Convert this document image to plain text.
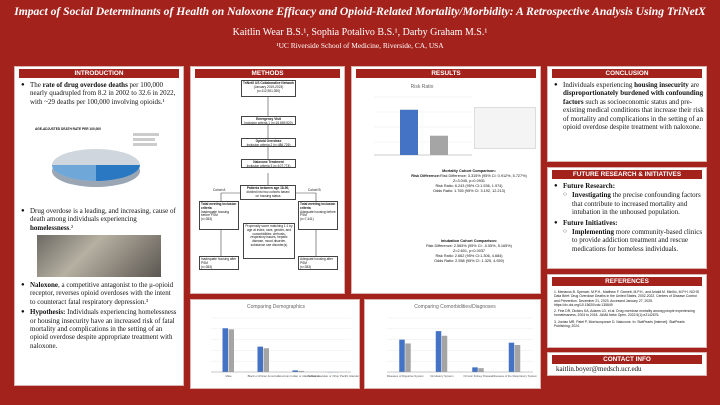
Impact of Social Determinants of Health on Naloxone Efficacy and Opioid-Related Mortality/Morbidity: A Retrospective Analysis Using TriNetX
Kaitlin Wear B.S.¹, Sophia Potalivo B.S.¹, Darby Graham M.S.¹
¹UC Riverside School of Medicine, Riverside, CA, USA
INTRODUCTION
● The rate of drug overdose deaths per 100,000 nearly quadrupled from 8.2 in 2002 to 32.6 in 2022, with ~29 deaths per 100,000 involving opioids.¹
AGE-ADJUSTED DEATH RATE PER 100,000
● Drug overdose is a leading, and increasing, cause of death among individuals experiencing homelessness.²
● Naloxone, a competitive antagonist to the μ-opioid receptor, reverses opioid overdoses with the intent to counteract fatal respiratory depression.³
● Hypothesis: Individuals experiencing homelessness or housing insecurity have an increased risk of fatal mortality and complications in the setting of an opioid overdose despite appropriate treatment with naloxone.
METHODS
TriNetX US Collaborative Network
(January 2019-2023)
(n=112,951,390)
Emergency Visit
Inclusion criteria 1 (n=16,869,520)
Opioid Overdose
Inclusion criteria 2 (n=486,726)
Naloxone Treatment
Inclusion criteria 3 (n=107,774)
Cohort A	Cohort B
Patients between age 18-90,
divided into two cohorts based
on housing status
Total meeting inclusion criteria
Inadequate housing before PSM
(n=353)
Total meeting inclusion criteria
Adequate housing before PSM
(n=7,441)
Propensity score matching 1:1 by age at index, race, gender, and comorbidities: cirrhosis, respiratory issues, hepatic disease, mood disorder, substance use disorder(s)
Inadequate housing after PSM
(n=353)
Adequate housing after PSM
(n=353)
RESULTS
Risk Ratio
Mortality Cohort Comparison:
Risk Difference:Risk Difference: 3.315% (95% CI: 0.912%, 5.727%)
Z=3.045, p=0.0931
Risk Ratio: 6.243 (95% CI:1.536, 1.974)
Odds Ratio: 1.765 (95% CI: 3.192, 12.213)
Intubation Cohort Comparison:
Risk Difference: 2.565% (95% CI: -0.05%, 5.165%)
Z=2.601, p=0.0037
Risk Ratio: 2.662 (95% CI:1.306, 4.684)
Odds Ratio: 2.558 (95% CI: 1.325, 4.939)
Comparing Demographics
Male	Black or African American
American Indian or Alaska Native
Native Hawaiian or Other Pacific Islander
Comparing Comorbidities/Diagnoses
Diseases of Digestive System Circulatory System	Chronic Kidney Disease Diseases of the Respiratory System
CONCLUSION
● Individuals experiencing housing insecurity are disproportionately burdened with confounding factors such as socioeconomic status and pre-existing medical conditions that increase their risk of mortality and complications in the setting of an opioid overdose despite treatment with naloxone.
FUTURE RESEARCH & INITIATIVES
● Future Research:
○ Investigating the precise confounding factors that contribute to increased mortality and intubation in the unhoused population.
● Future Initiatives:
○ Implementing more community-based clinics to provide addiction treatment and rescue medications for homeless individuals.
REFERENCES
1. Merianos B. Spencer, M.P.H., Matthew F. Garnett, M.P.H., and Arialdi M. Miniño, M.P.H. NCHS Data Brief: Drug Overdose Deaths in the United States, 2002-2022. Centers of Disease Control and Prevention. December 21, 2023. Accessed January 27, 2025. https://dx.doi.org/10.15620/cdc:135849
2. Fine DR, Dickins KA, Adams LD, et al. Drug overdose mortality among people experiencing homelessness, 2003 to 2018. JAMA Netw Open. 2022;5(1):e2142676.
3. Jordan MR, Patel P, Morrisonponce D. Naloxone. In: StatPearls [Internet]. StatPearls Publishing; 2024.
CONTACT INFO
kaitlin.boyer@medsch.ucr.edu
